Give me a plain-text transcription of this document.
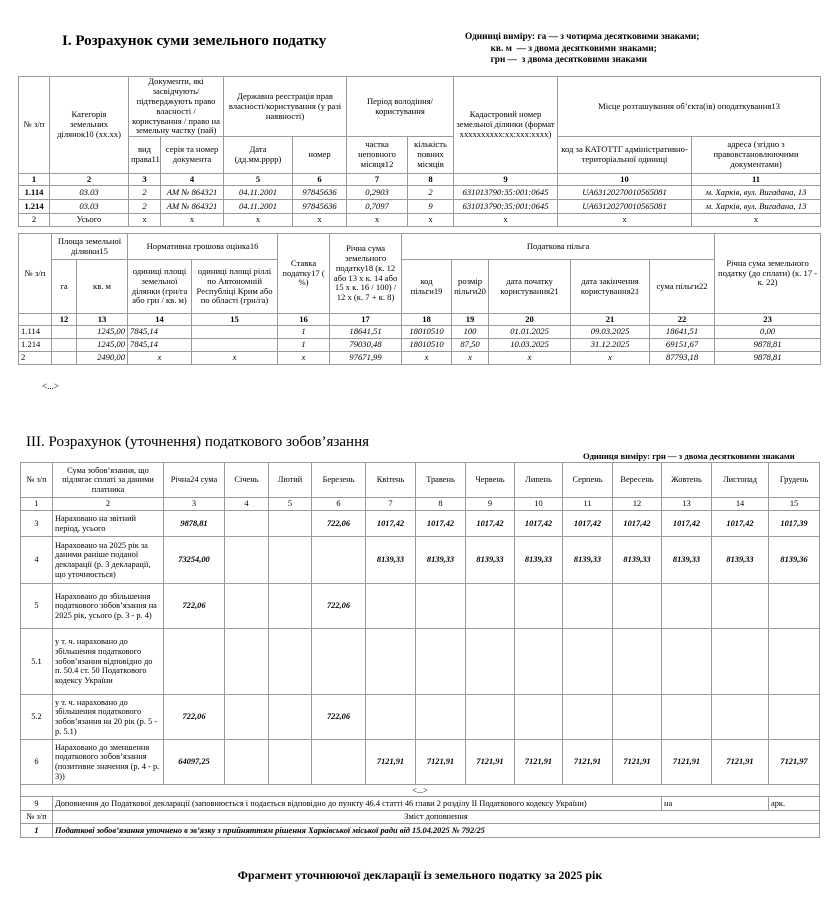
I. Розрахунок суми земельного податку	Одиниці виміру: га — з чотирма десятковими знаками;
кв. м  — з двома десятковими знаками;
грн —  з двома десятковими знаками
№ з/п	Категорія земельних ділянок10 (хх.хх)	Документи, які засвідчують/підтверджують право власності / користування / право на земельну частку (пай)		Державна реєстрація прав власності/користування (у разі наявності)		Період володіння/користування		Кадастровий номер земельної ділянки (формат хххххххххх:хх:ххх:хххх)	Місце розташування об’єкта(ів) оподаткування13	
		вид права11	серія та номер документа	Дата (дд.мм.рррр)	номер	частка неповного місяця12	кількість повних місяців		код за КАТОТТГ адміністративно-територіальної одиниці	адреса (згідно з правовстановлюючими документами)
1	2	3	4	5	6	7	8	9	10	11
1.114	03.03	2	АМ № 864321	04.11.2001	97845636	0,2903	2	631013790:35:001:0645	UA63120270010565081	м. Харків, вул. Вигадана, 13
1.214	03.03	2	АМ № 864321	04.11.2001	97845636	0,7097	9	631013790:35:001:0645	UA63120270010565081	м. Харків, вул. Вигадана, 13
2	Усього	х	х	х	х	х	х	х	х	х
№ з/п	Площа земельної ділянки15		Нормативна грошова оцінка16		Ставка податку17 ( %)	Річна сума земельного податку18 (к. 12 або 13 х к. 14 або 15 х к. 16 / 100) / 12 х (к. 7 + к. 8)	Податкова пільга					Річна сума земельного податку (до сплати) (к. 17 - к. 22)
	га	кв. м	одиниці площі земельної ділянки (грн/га або грн / кв. м)	одиниці площі ріллі по Автономній Республіці Крим або по області (грн/га)			код пільги19	розмір пільги20	дата початку користування21	дата закінчення користування21	сума пільги22	
	12	13	14	15	16	17	18	19	20	21	22	23
1.114		1245,00	7845,14		1	18641,51	18010510	100	01.01.2025	09.03.2025	18641,51	0,00
1.214		1245,00	7845,14		1	79030,48	18010510	87,50	10.03.2025	31.12.2025	69151,67	9878,81
2		2490,00	х	х	х	97671,99	х	х	х	х	87793,18	9878,81
<...>
III. Розрахунок (уточнення) податкового зобов’язання
Одиниця виміру: грн — з двома десятковими знаками
№ з/п	Сума зобов’язання, що підлягає сплаті за даними платника	Річна24 сума	Січень	Лютий	Березень	Квітень	Травень	Червень	Липень	Серпень	Вересень	Жовтень	Листопад	Грудень
1	2	3	4	5	6	7	8	9	10	11	12	13	14	15
3	Нараховано на звітний період, усього	9878,81			722,06	1017,42	1017,42	1017,42	1017,42	1017,42	1017,42	1017,42	1017,42	1017,39
4	Нараховано на 2025 рік за даними раніше поданої декларації (р. 3 декларації, що уточнюється)	73254,00				8139,33	8139,33	8139,33	8139,33	8139,33	8139,33	8139,33	8139,33	8139,36
5	Нараховано до збільшення податкового зобов’язання на 2025 рік, усього (р. 3 - р. 4)	722,06			722,06									
5.1	у т. ч. нараховано до збільшення податкового зобов’язання відповідно до п. 50.4 ст. 50 Податкового кодексу України													
5.2	у т. ч. нараховано до збільшення податкового зобов’язання на 20 рік (р. 5 - р. 5.1)	722,06			722,06									
6	Нараховано до зменшення податкового зобов’язання (позитивне значення (р. 4 - р. 3))	64097,25				7121,91	7121,91	7121,91	7121,91	7121,91	7121,91	7121,91	7121,91	7121,97
<...>														
9	Доповнення до Податкової декларації (заповнюється і подається відповідно до пункту 46.4 статті 46 глави 2 розділу II Податкового кодексу України)											на		арк.
№ з/п	Зміст доповнення													
1	Податкові зобов’язання уточнено в зв’язку з прийняттям рішення Харківської міської ради від 15.04.2025 № 792/25													
Фрагмент уточнюючої декларації із земельного податку за 2025 рік
